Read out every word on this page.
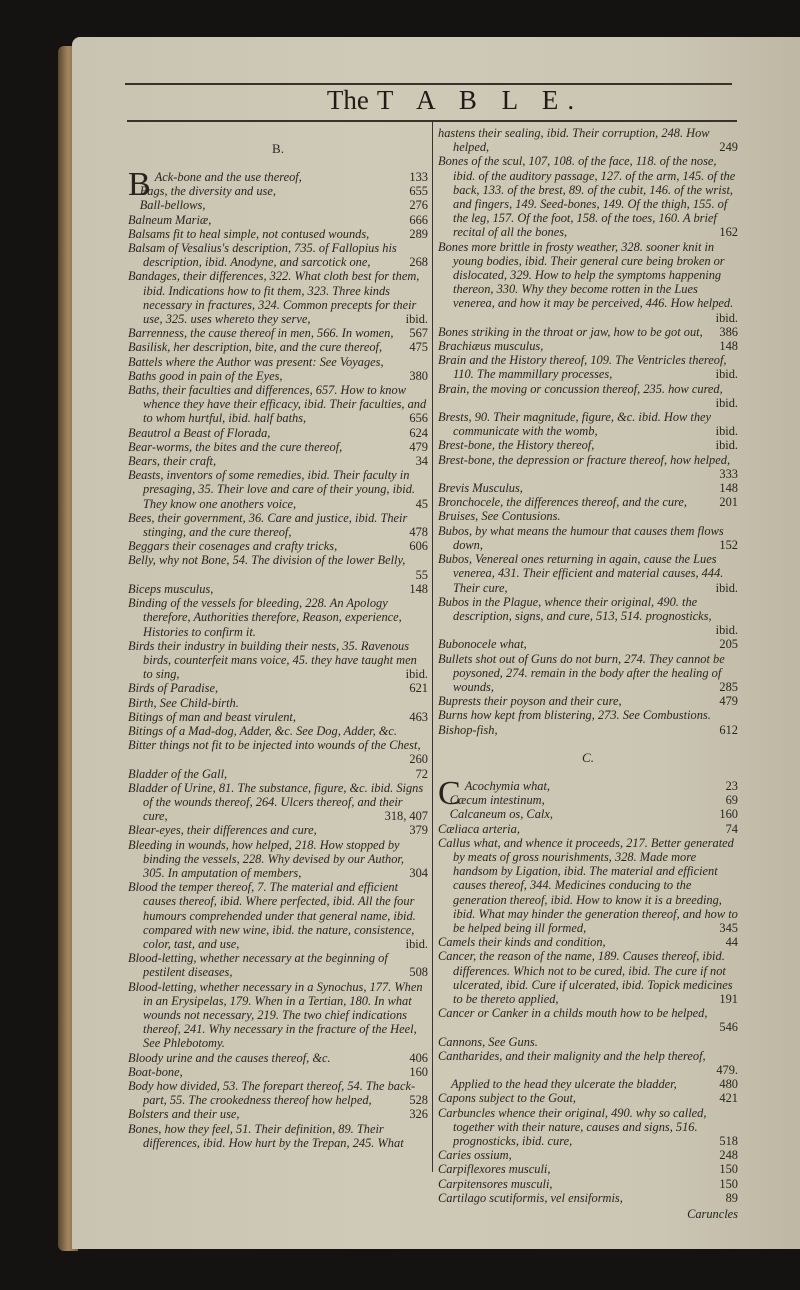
The T A B L E.
B.

B Ack-bone and the use thereof,	133

Bags, the diversity and use,	655

Ball-bellows,	276

Balneum Mariæ,	666

Balsams fit to heal simple, not contused wounds,	289

Balsam of Vesalius's description, 735. of Fallopius his description, ibid. Anodyne, and sarcotick one,	268

Bandages, their differences, 322. What cloth best for them, ibid. Indications how to fit them, 323. Three kinds necessary in fractures, 324. Common precepts for their use, 325. uses whereto they serve,	ibid.

Barrenness, the cause thereof in men, 566. In women, 567

Basilisk, her description, bite, and the cure thereof, 475

Battels where the Author was present: See Voyages,

Baths good in pain of the Eyes,	380

Baths, their faculties and differences, 657. How to know whence they have their efficacy, ibid. Their faculties, and to whom hurtful, ibid. half baths,	656

Beautrol a Beast of Florada,	624

Bear-worms, the bites and the cure thereof,	479

Bears, their craft,	34

Beasts, inventors of some remedies, ibid. Their faculty in presaging, 35. Their love and care of their young, ibid. They know one anothers voice,	45

Bees, their government, 36. Care and justice, ibid. Their stinging, and the cure thereof,	478

Beggars their cosenages and crafty tricks,	606

Belly, why not Bone, 54. The division of the lower Belly,
55

Biceps musculus,	148

Binding of the vessels for bleeding, 228. An Apology therefore, Authorities therefore, Reason, experience, Histories to confirm it.

Birds their industry in building their nests, 35. Ravenous birds, counterfeit mans voice, 45. they have taught men to sing,	ibid.

Birds of Paradise,	621

Birth, See Child-birth.

Bitings of man and beast virulent,	463

Bitings of a Mad-dog, Adder, &c. See Dog, Adder, &c.

Bitter things not fit to be injected into wounds of the Chest,
260

Bladder of the Gall,	72

Bladder of Urine, 81. The substance, figure, &c. ibid. Signs of the wounds thereof, 264. Ulcers thereof, and their cure,	318, 407

Blear-eyes, their differences and cure,	379

Bleeding in wounds, how helped, 218. How stopped by binding the vessels, 228. Why devised by our Author, 305. In amputation of members,	304

Blood the temper thereof, 7. The material and efficient causes thereof, ibid. Where perfected, ibid. All the four humours comprehended under that general name, ibid. compared with new wine, ibid. the nature, consistence, color, tast, and use,	ibid.

Blood-letting, whether necessary at the beginning of pestilent diseases,	508

Blood-letting, whether necessary in a Synochus, 177. When in an Erysipelas, 179. When in a Tertian, 180. In what wounds not necessary, 219. The two chief indications thereof, 241. Why necessary in the fracture of the Heel, See Phlebotomy.

Bloody urine and the causes thereof, &c.	406

Boat-bone,	160

Body how divided, 53. The forepart thereof, 54. The back-part, 55. The crookedness thereof how helped,	528

Bolsters and their use,	326

Bones, how they feel, 51. Their definition, 89. Their differences, ibid. How hurt by the Trepan, 245. What

hastens their sealing, ibid. Their corruption, 248. How helped,	249

Bones of the scul, 107, 108. of the face, 118. of the nose, ibid. of the auditory passage, 127. of the arm, 145. of the back, 133. of the brest, 89. of the cubit, 146. of the wrist, and fingers, 149. Seed-bones, 149. Of the thigh, 155. of the leg, 157. Of the foot, 158. of the toes, 160. A brief recital of all the bones,	162

Bones more brittle in frosty weather, 328. sooner knit in young bodies, ibid. Their general cure being broken or dislocated, 329. How to help the symptoms happening thereon, 330. Why they become rotten in the Lues venerea, and how it may be perceived, 446. How helped.
ibid.

Bones striking in the throat or jaw, how to be got out, 386

Brachiæus musculus,	148

Brain and the History thereof, 109. The Ventricles thereof, 110. The mammillary processes,	ibid.

Brain, the moving or concussion thereof, 235. how cured,
ibid.

Brests, 90. Their magnitude, figure, &c. ibid. How they communicate with the womb,	ibid.

Brest-bone, the History thereof,	ibid.

Brest-bone, the depression or fracture thereof, how helped,
333

Brevis Musculus,	148

Bronchocele, the differences thereof, and the cure,	201

Bruises, See Contusions.

Bubos, by what means the humour that causes them flows down,	152

Bubos, Venereal ones returning in again, cause the Lues venerea, 431. Their efficient and material causes, 444. Their cure,	ibid.

Bubos in the Plague, whence their original, 490. the description, signs, and cure, 513, 514. prognosticks,
ibid.

Bubonocele what,	205

Bullets shot out of Guns do not burn, 274. They cannot be poysoned, 274. remain in the body after the healing of wounds,	285

Buprests their poyson and their cure,	479

Burns how kept from blistering, 273. See Combustions.

Bishop-fish,	612

C.

C Acochymia what,	23

Cæcum intestinum,	69

Calcaneum os, Calx,	160

Cæliaca arteria,	74

Callus what, and whence it proceeds, 217. Better generated by meats of gross nourishments, 328. Made more handsom by Ligation, ibid. The material and efficient causes thereof, 344. Medicines conducing to the generation thereof, ibid. How to know it is a breeding, ibid. What may hinder the generation thereof, and how to be helped being ill formed,	345

Camels their kinds and condition,	44

Cancer, the reason of the name, 189. Causes thereof, ibid. differences. Which not to be cured, ibid. The cure if not ulcerated, ibid. Cure if ulcerated, ibid. Topick medicines to be thereto applied,	191

Cancer or Canker in a childs mouth how to be helped,
546

Cannons, See Guns.

Cantharides, and their malignity and the help thereof,
479.

Applied to the head they ulcerate the bladder,	480

Capons subject to the Gout,	421

Carbuncles whence their original, 490. why so called, together with their nature, causes and signs, 516. prognosticks, ibid. cure,	518

Caries ossium,	248

Carpiflexores musculi,	150

Carpitensores musculi,	150

Cartilago scutiformis, vel ensiformis,	89

Caruncles
